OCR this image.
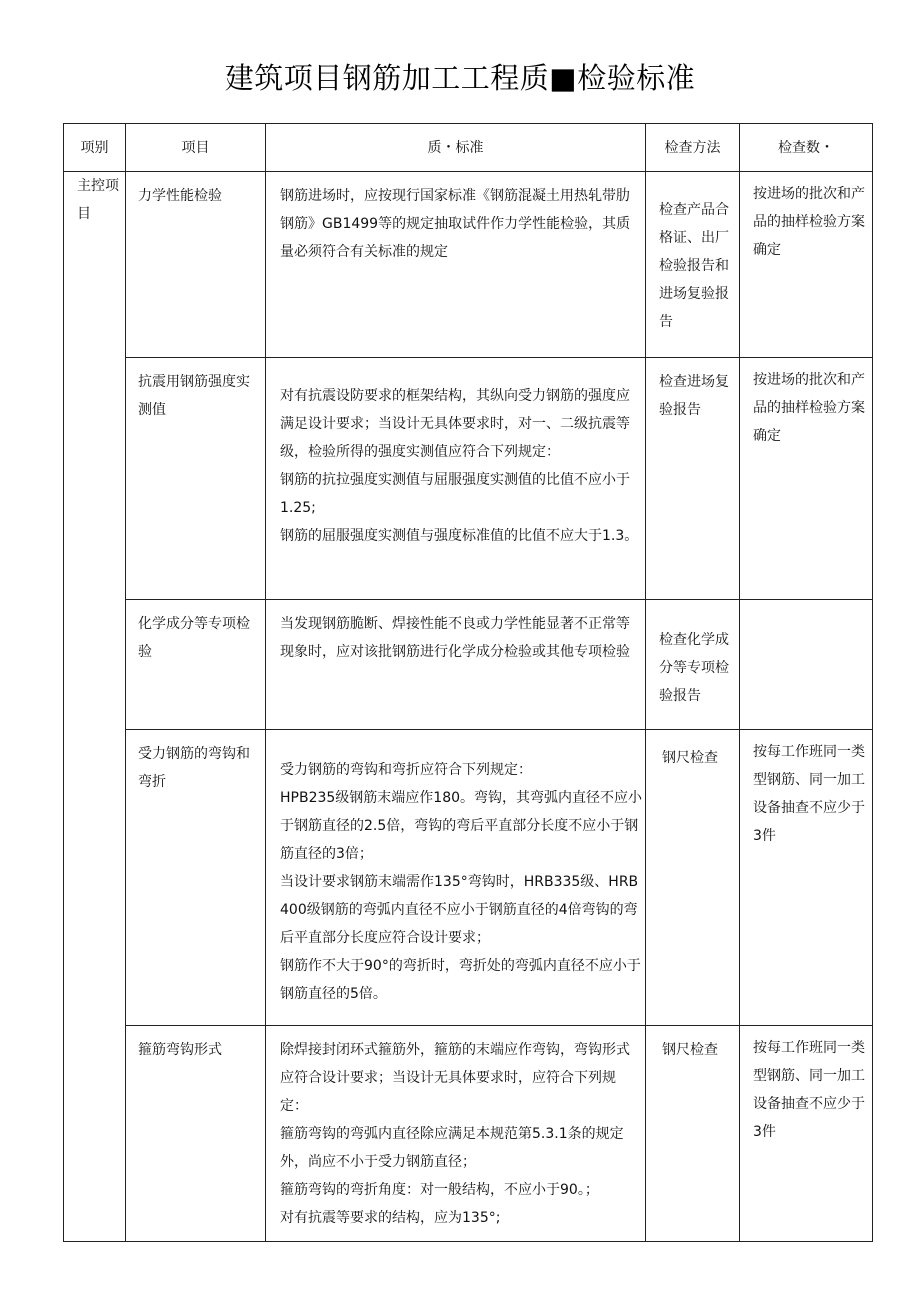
建筑项目钢筋加工工程质■检验标准
项别	项目	质・标准	检查方法	检查数・

主控项目	力学性能检验	钢筋进场时，应按现行国家标准《钢筋混凝土用热轧带肋钢筋》GB1499等的规定抽取试件作力学性能检验，其质量必须符合有关标准的规定	检查产品合格证、出厂检验报告和进场复验报告	按进场的批次和产品的抽样检验方案确定

	抗震用钢筋强度实测值	对有抗震设防要求的框架结构，其纵向受力钢筋的强度应满足设计要求；当设计无具体要求时，对一、二级抗震等级，检验所得的强度实测值应符合下列规定：

钢筋的抗拉强度实测值与屈服强度实测值的比值不应小于1.25;

钢筋的屈服强度实测值与强度标准值的比值不应大于1.3。	检查进场复验报告	按进场的批次和产品的抽样检验方案确定

	化学成分等专项检验	当发现钢筋脆断、焊接性能不良或力学性能显著不正常等现象时，应对该批钢筋进行化学成分检验或其他专项检验	检查化学成分等专项检验报告	

	受力钢筋的弯钩和弯折	受力钢筋的弯钩和弯折应符合下列规定：

HPB235级钢筋末端应作180。弯钩，其弯弧内直径不应小于钢筋直径的2.5倍，弯钩的弯后平直部分长度不应小于钢筋直径的3倍；

当设计要求钢筋末端需作135°弯钩时，HRB335级、HRB400级钢筋的弯弧内直径不应小于钢筋直径的4倍弯钩的弯后平直部分长度应符合设计要求；

钢筋作不大于90°的弯折时，弯折处的弯弧内直径不应小于钢筋直径的5倍。	钢尺检查	按每工作班同一类型钢筋、同一加工设备抽查不应少于3件

	箍筋弯钩形式	除焊接封闭环式箍筋外，箍筋的末端应作弯钩，弯钩形式应符合设计要求；当设计无具体要求时，应符合下列规定：

箍筋弯钩的弯弧内直径除应满足本规范第5.3.1条的规定外，尚应不小于受力钢筋直径；

箍筋弯钩的弯折角度：对一般结构，不应小于90。；

对有抗震等要求的结构，应为135°;	钢尺检查	按每工作班同一类型钢筋、同一加工设备抽查不应少于3件
